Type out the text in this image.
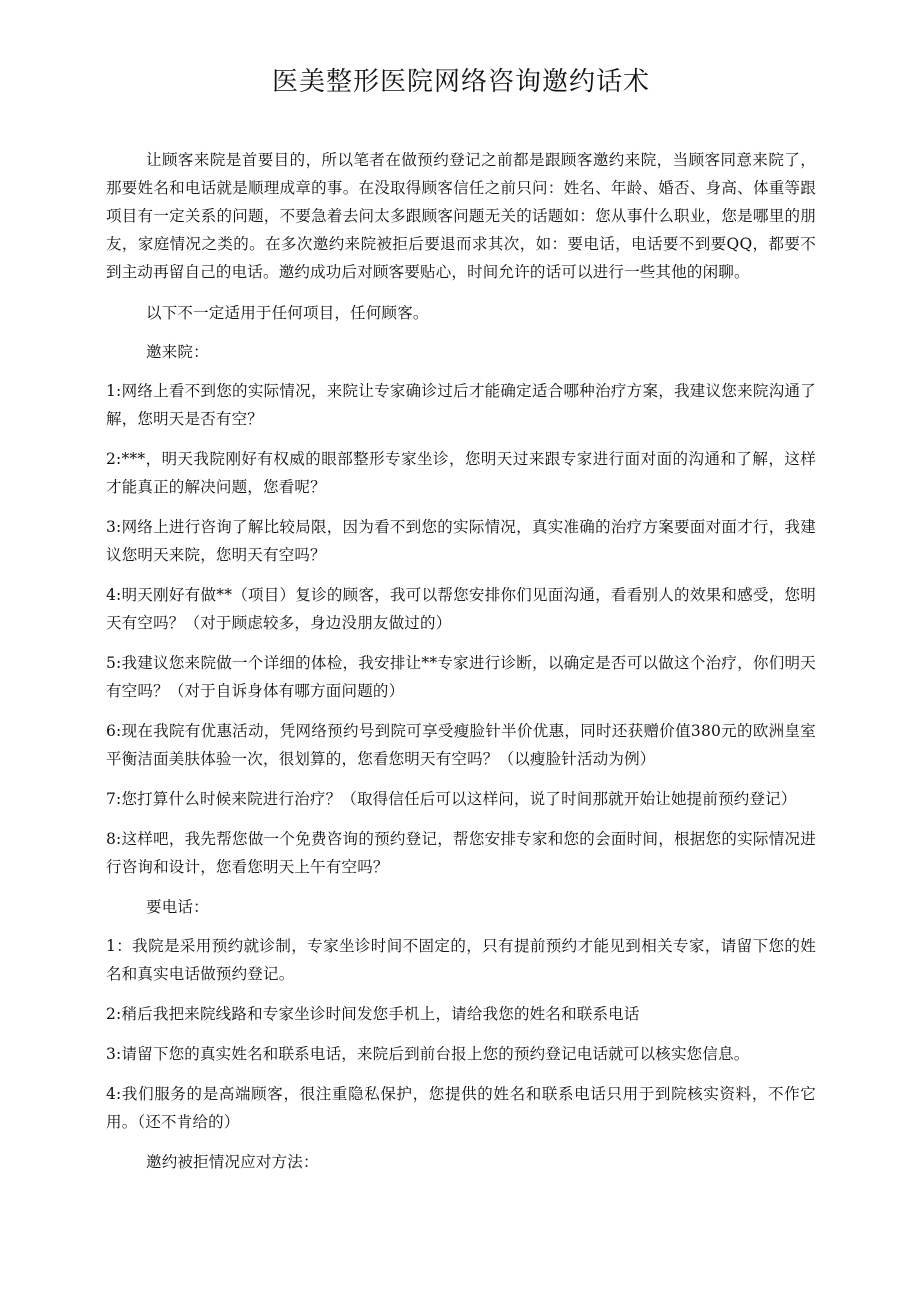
医美整形医院网络咨询邀约话术

让顾客来院是首要目的，所以笔者在做预约登记之前都是跟顾客邀约来院，当顾客同意来院了，那要姓名和电话就是顺理成章的事。在没取得顾客信任之前只问：姓名、年龄、婚否、身高、体重等跟项目有一定关系的问题，不要急着去问太多跟顾客问题无关的话题如：您从事什么职业，您是哪里的朋友，家庭情况之类的。在多次邀约来院被拒后要退而求其次，如：要电话，电话要不到要QQ，都要不到主动再留自己的电话。邀约成功后对顾客要贴心，时间允许的话可以进行一些其他的闲聊。

以下不一定适用于任何项目，任何顾客。

邀来院：

1:网络上看不到您的实际情况，来院让专家确诊过后才能确定适合哪种治疗方案，我建议您来院沟通了解，您明天是否有空？

2:***，明天我院刚好有权威的眼部整形专家坐诊，您明天过来跟专家进行面对面的沟通和了解，这样才能真正的解决问题，您看呢？

3:网络上进行咨询了解比较局限，因为看不到您的实际情况，真实准确的治疗方案要面对面才行，我建议您明天来院，您明天有空吗？

4:明天刚好有做**（项目）复诊的顾客，我可以帮您安排你们见面沟通，看看别人的效果和感受，您明天有空吗？（对于顾虑较多，身边没朋友做过的）

5:我建议您来院做一个详细的体检，我安排让**专家进行诊断，以确定是否可以做这个治疗，你们明天有空吗？（对于自诉身体有哪方面问题的）

6:现在我院有优惠活动，凭网络预约号到院可享受瘦脸针半价优惠，同时还获赠价值380元的欧洲皇室平衡洁面美肤体验一次，很划算的，您看您明天有空吗？（以瘦脸针活动为例）

7:您打算什么时候来院进行治疗？（取得信任后可以这样问，说了时间那就开始让她提前预约登记）

8:这样吧，我先帮您做一个免费咨询的预约登记，帮您安排专家和您的会面时间，根据您的实际情况进行咨询和设计，您看您明天上午有空吗？

要电话：

1：我院是采用预约就诊制，专家坐诊时间不固定的，只有提前预约才能见到相关专家，请留下您的姓名和真实电话做预约登记。

2:稍后我把来院线路和专家坐诊时间发您手机上，请给我您的姓名和联系电话

3:请留下您的真实姓名和联系电话，来院后到前台报上您的预约登记电话就可以核实您信息。

4:我们服务的是高端顾客，很注重隐私保护，您提供的姓名和联系电话只用于到院核实资料，不作它用。（还不肯给的）

邀约被拒情况应对方法：
